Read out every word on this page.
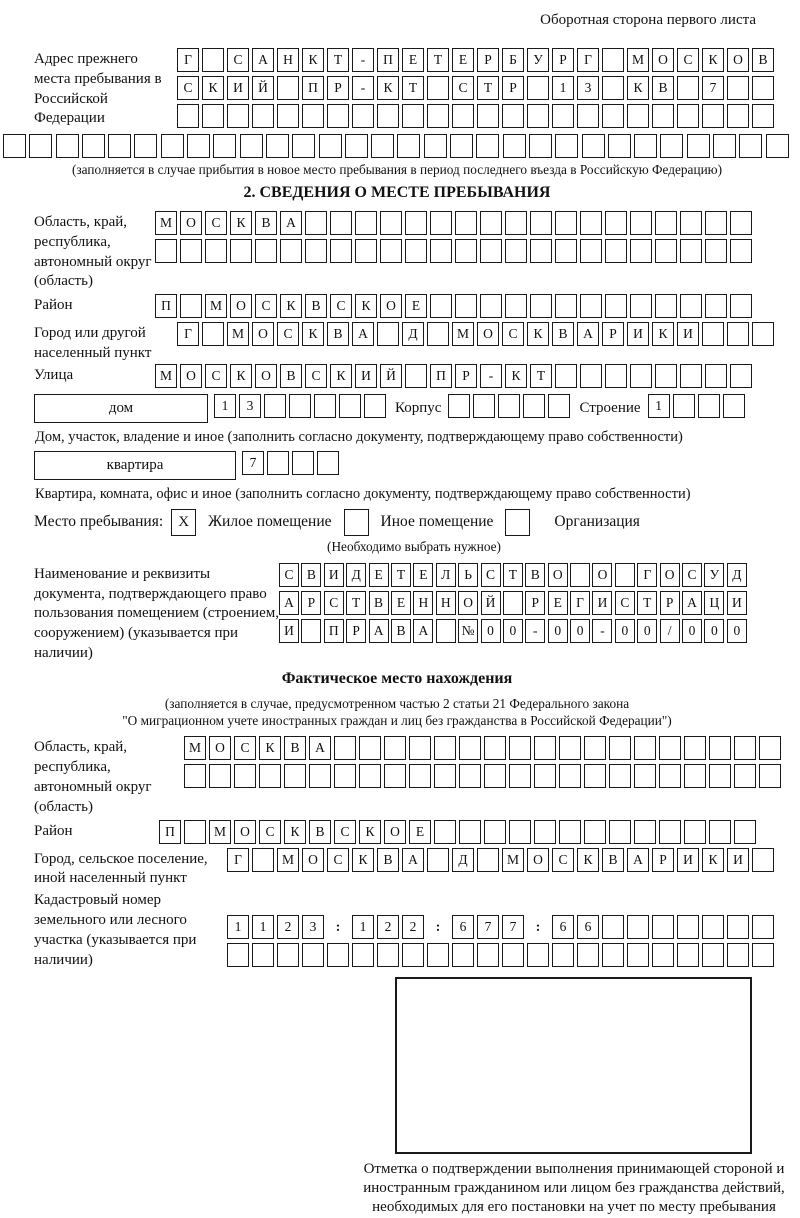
Оборотная сторона первого листа
Адрес прежнего места пребывания в Российской Федерации
Г	С	А	Н	К	Т	-	П	Е	Т	Е	Р	Б	У	Р	Г	М	О	С	К	О	В
С	К	И	Й	П	Р	-	К	Т	С	Т	Р	1	3	К	В	7
(заполняется в случае прибытия в новое место пребывания в период последнего въезда в Российскую Федерацию)
2. СВЕДЕНИЯ О МЕСТЕ ПРЕБЫВАНИЯ
Область, край, республика, автономный округ (область)
М	О	С	К	В	А
Район	П	М	О	С	К	В	С	К	О	Е
Город или другой населенный пункт
Г	М	О	С	К	В	А	Д	М	О	С	К	В	А	Р	И	К	И
Улица	М	О	С	К	О	В	С	К	И	Й	П	Р	-	К	Т
дом	1	3	Корпус	Строение	1
Дом, участок, владение и иное (заполнить согласно документу, подтверждающему право собственности)
квартира	7
Квартира, комната, офис и иное (заполнить согласно документу, подтверждающему право собственности)
Место пребывания:	X	Жилое помещение	Иное помещение	Организация
(Необходимо выбрать нужное)
Наименование и реквизиты документа, подтверждающего право пользования помещением (строением, сооружением) (указывается при наличии)
С В И Д	Е	Т	Е	Л	Ь	С	Т	В О	О	Г	О С У Д
А	Р	С	Т	В	Е Н Н О Й	Р	Е	Г	И С	Т	Р	А Ц И
И	П	Р	А В А	№ 0	0	-	0	0	-	0	0	/	0	0	0
Фактическое место нахождения
(заполняется в случае, предусмотренном частью 2 статьи 21 Федерального закона
"О миграционном учете иностранных граждан и лиц без гражданства в Российской Федерации")
Область, край, республика, автономный округ (область)
М	О	С	К	В	А
Район	П	М	О	С	К	В	С	К	О	Е
Город, сельское поселение, иной населенный пункт
Г	М	О	С	К	В	А	Д	М	О	С	К	В	А	Р	И	К	И
Кадастровый номер земельного или лесного участка (указывается при наличии)
1	1	2	3	:	1	2	2	:	6	7	7	:	6	6
Отметка о подтверждении выполнения принимающей стороной и иностранным гражданином или лицом без гражданства действий, необходимых для его постановки на учет по месту пребывания
